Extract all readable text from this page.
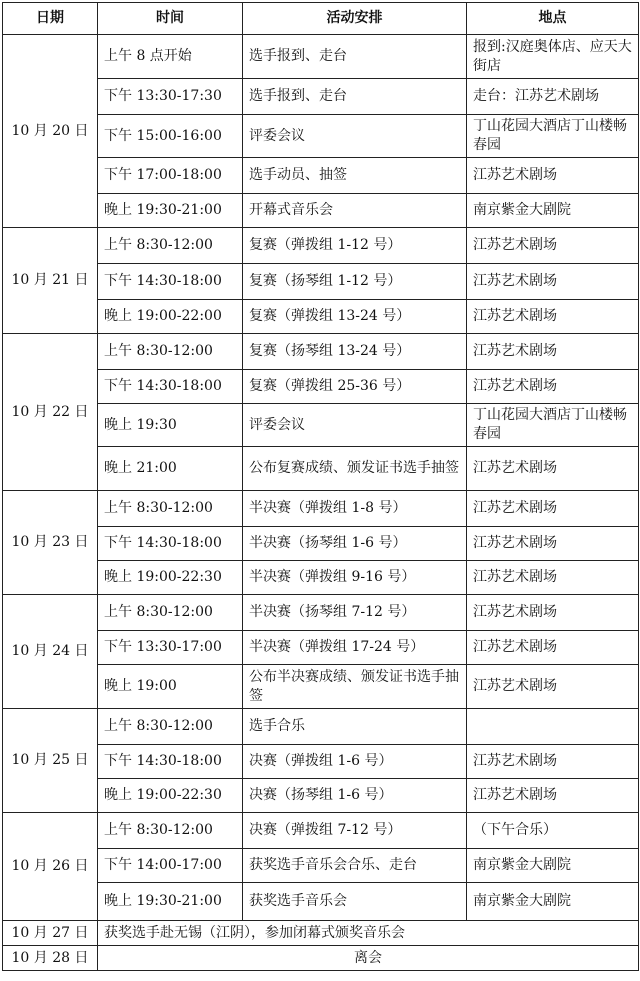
日期	时间	活动安排	地点
10 月 20 日	上午 8 点开始	选手报到、走台	报到:汉庭奥体店、应天大街店
	下午 13:30-17:30	选手报到、走台	走台：江苏艺术剧场
	下午 15:00-16:00	评委会议	丁山花园大酒店丁山楼畅春园
	下午 17:00-18:00	选手动员、抽签	江苏艺术剧场
	晚上 19:30-21:00	开幕式音乐会	南京紫金大剧院
10 月 21 日	上午 8:30-12:00	复赛（弹拨组 1-12 号）	江苏艺术剧场
	下午 14:30-18:00	复赛（扬琴组 1-12 号）	江苏艺术剧场
	晚上 19:00-22:00	复赛（弹拨组 13-24 号）	江苏艺术剧场
10 月 22 日	上午 8:30-12:00	复赛（扬琴组 13-24 号）	江苏艺术剧场
	下午 14:30-18:00	复赛（弹拨组 25-36 号）	江苏艺术剧场
	晚上 19:30	评委会议	丁山花园大酒店丁山楼畅春园
	晚上 21:00	公布复赛成绩、颁发证书选手抽签	江苏艺术剧场
10 月 23 日	上午 8:30-12:00	半决赛（弹拨组 1-8 号）	江苏艺术剧场
	下午 14:30-18:00	半决赛（扬琴组 1-6 号）	江苏艺术剧场
	晚上 19:00-22:30	半决赛（弹拨组 9-16 号）	江苏艺术剧场
10 月 24 日	上午 8:30-12:00	半决赛（扬琴组 7-12 号）	江苏艺术剧场
	下午 13:30-17:00	半决赛（弹拨组 17-24 号）	江苏艺术剧场
	晚上 19:00	公布半决赛成绩、颁发证书选手抽签	江苏艺术剧场
10 月 25 日	上午 8:30-12:00	选手合乐	
	下午 14:30-18:00	决赛（弹拨组 1-6 号）	江苏艺术剧场
	晚上 19:00-22:30	决赛（扬琴组 1-6 号）	江苏艺术剧场
10 月 26 日	上午 8:30-12:00	决赛（弹拨组 7-12 号）	（下午合乐）
	下午 14:00-17:00	获奖选手音乐会合乐、走台	南京紫金大剧院
	晚上 19:30-21:00	获奖选手音乐会	南京紫金大剧院
10 月 27 日	获奖选手赴无锡（江阴），参加闭幕式颁奖音乐会		
10 月 28 日	离会		
